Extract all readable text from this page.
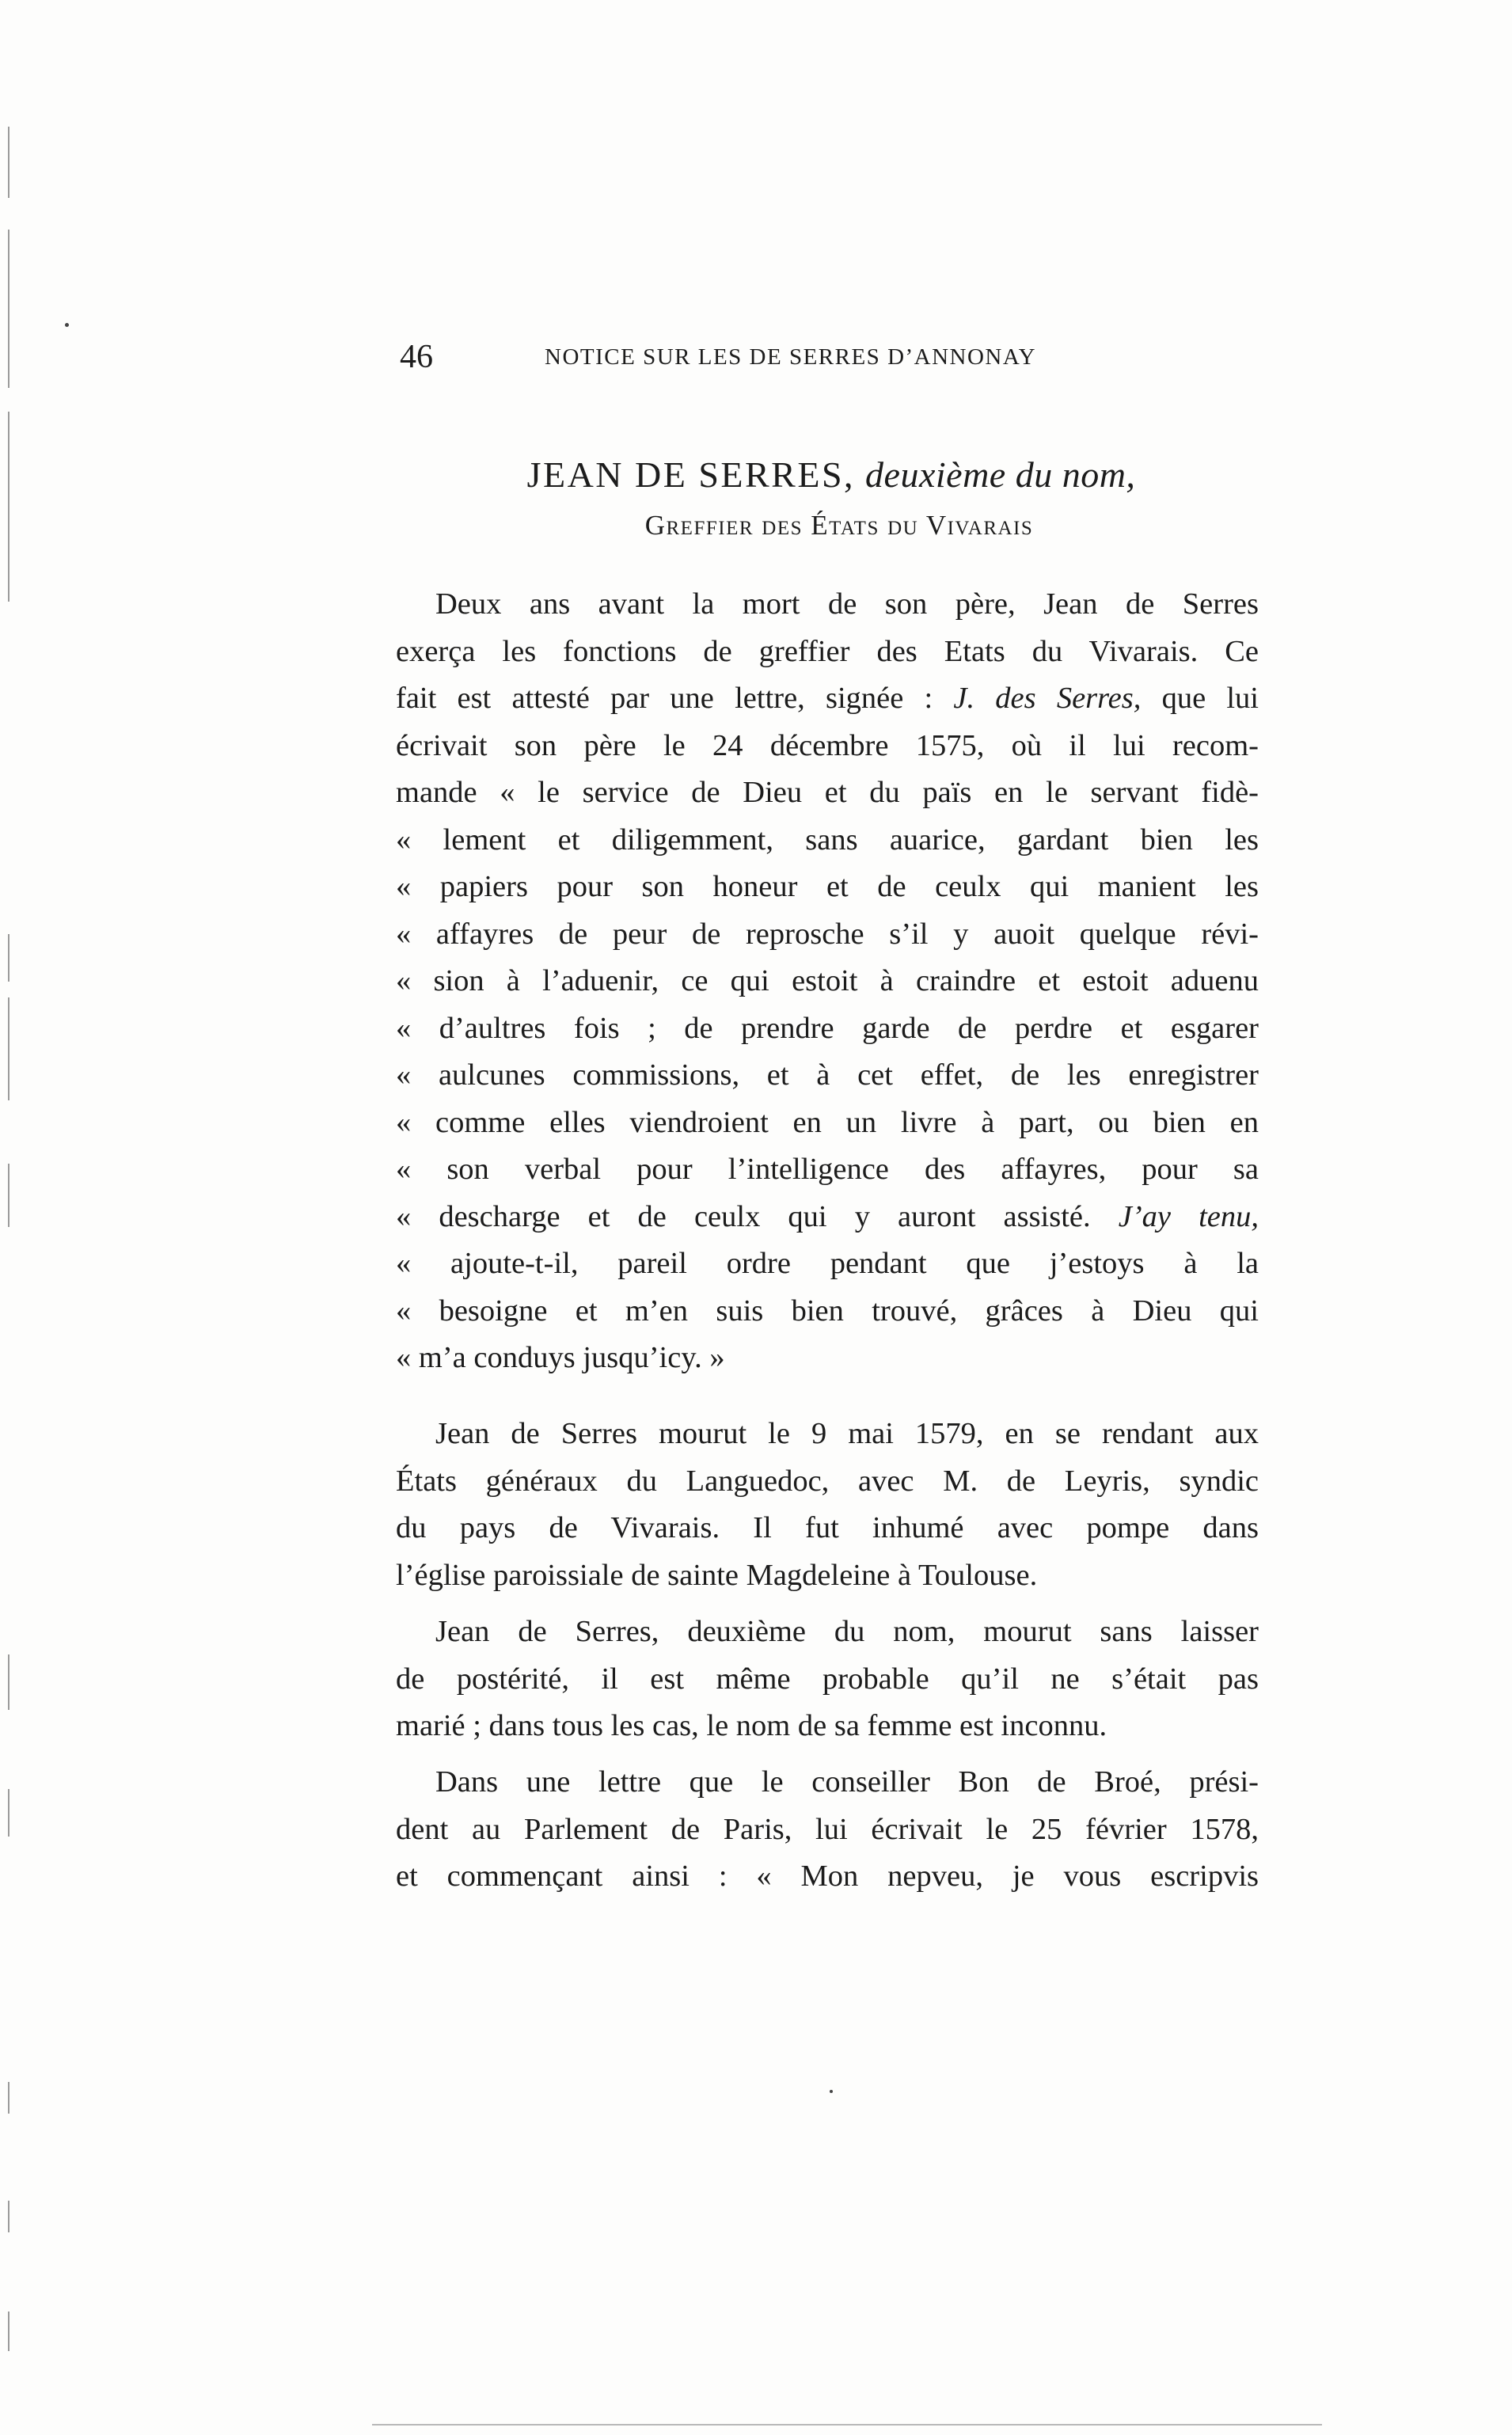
46	NOTICE SUR LES DE SERRES D’ANNONAY
JEAN DE SERRES, deuxième du nom,
Greffier des États du Vivarais
Deux ans avant la mort de son père, Jean de Serres
exerça les fonctions de greffier des Etats du Vivarais. Ce
fait est attesté par une lettre, signée : J. des Serres, que lui
écrivait son père le 24 décembre 1575, où il lui recom-
mande « le service de Dieu et du païs en le servant fidè-
« lement et diligemment, sans auarice, gardant bien les
« papiers pour son honeur et de ceulx qui manient les
« affayres de peur de reprosche s’il y auoit quelque révi-
« sion à l’aduenir, ce qui estoit à craindre et estoit aduenu
« d’aultres fois ; de prendre garde de perdre et esgarer
« aulcunes commissions, et à cet effet, de les enregistrer
« comme elles viendroient en un livre à part, ou bien en
« son verbal pour l’intelligence des affayres, pour sa
« descharge et de ceulx qui y auront assisté. J’ay tenu,
« ajoute-t-il, pareil ordre pendant que j’estoys à la
« besoigne et m’en suis bien trouvé, grâces à Dieu qui
« m’a conduys jusqu’icy. »
Jean de Serres mourut le 9 mai 1579, en se rendant aux
États généraux du Languedoc, avec M. de Leyris, syndic
du pays de Vivarais. Il fut inhumé avec pompe dans
l’église paroissiale de sainte Magdeleine à Toulouse.
Jean de Serres, deuxième du nom, mourut sans laisser
de postérité, il est même probable qu’il ne s’était pas
marié ; dans tous les cas, le nom de sa femme est inconnu.
Dans une lettre que le conseiller Bon de Broé, prési-
dent au Parlement de Paris, lui écrivait le 25 février 1578,
et commençant ainsi : « Mon nepveu, je vous escripvis
